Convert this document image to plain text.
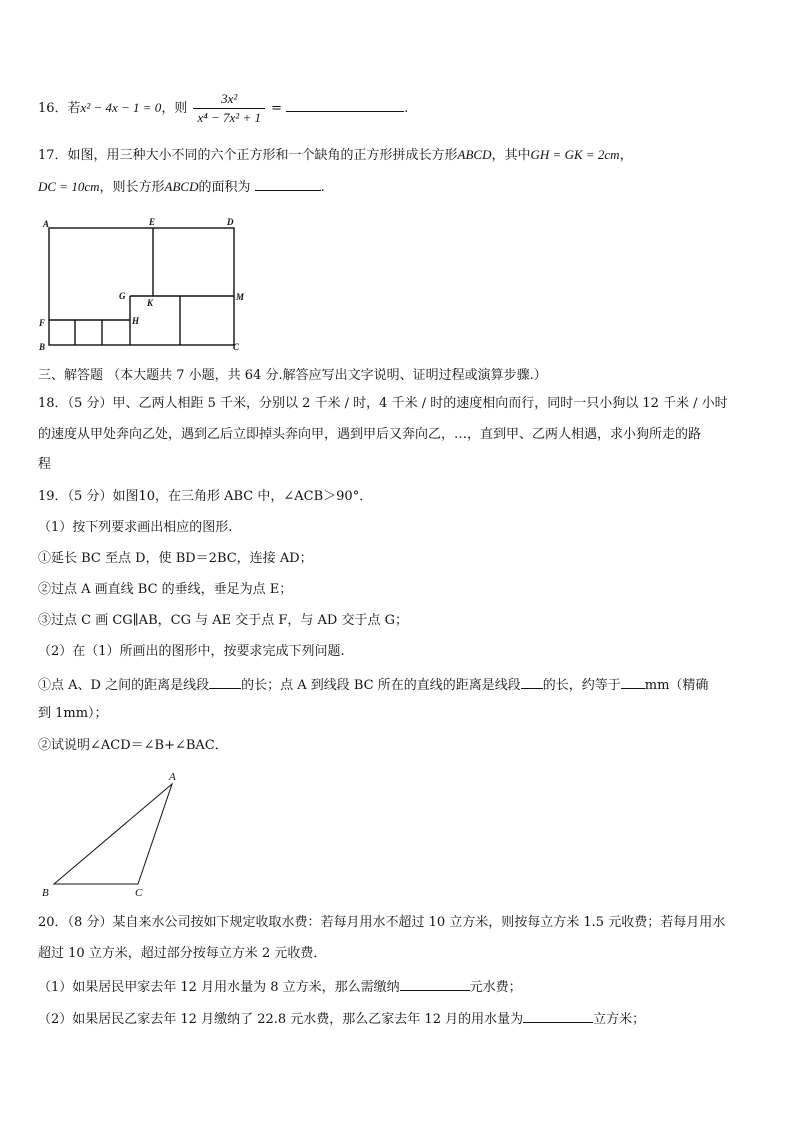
16．若x² − 4x − 1 = 0，则 $\frac{\text{3x²}}{\text{x⁴ − 7x² + 1}}$ =	.
17．如图，用三种大小不同的六个正方形和一个缺角的正方形拼成长方形ABCD，其中GH = GK = 2cm，
DC = 10cm，则长方形ABCD的面积为	.
A	E	D
G
K
M
F	H
B	C
三、解答题 （本大题共 7 小题，共 64 分.解答应写出文字说明、证明过程或演算步骤.）
18．（5 分）甲、乙两人相距 5 千米，分别以 2 千米 / 时，4 千米 / 时的速度相向而行，同时一只小狗以 12 千米 / 小时
的速度从甲处奔向乙处，遇到乙后立即掉头奔向甲，遇到甲后又奔向乙，…，直到甲、乙两人相遇，求小狗所走的路
程
19．（5 分）如图10，在三角形 ABC 中，∠ACB＞90°．
（1）按下列要求画出相应的图形.
①延长 BC 至点 D，使 BD＝2BC，连接 AD；
②过点 A 画直线 BC 的垂线，垂足为点 E；
③过点 C 画 CG∥AB，CG 与 AE 交于点 F，与 AD 交于点 G；
（2）在（1）所画出的图形中，按要求完成下列问题.
①点 A、D 之间的距离是线段 的长；点 A 到线段 BC 所在的直线的距离是线段 的长，约等于 mm（精确
到 1mm）；
②试说明∠ACD＝∠B+∠BAC．
A
B	C
20．（8 分）某自来水公司按如下规定收取水费：若每月用水不超过 10 立方米，则按每立方米 1.5 元收费；若每月用水
超过 10 立方米，超过部分按每立方米 2 元收费．
（1）如果居民甲家去年 12 月用水量为 8 立方米，那么需缴纳	元水费；
（2）如果居民乙家去年 12 月缴纳了 22.8 元水费，那么乙家去年 12 月的用水量为	立方米；
